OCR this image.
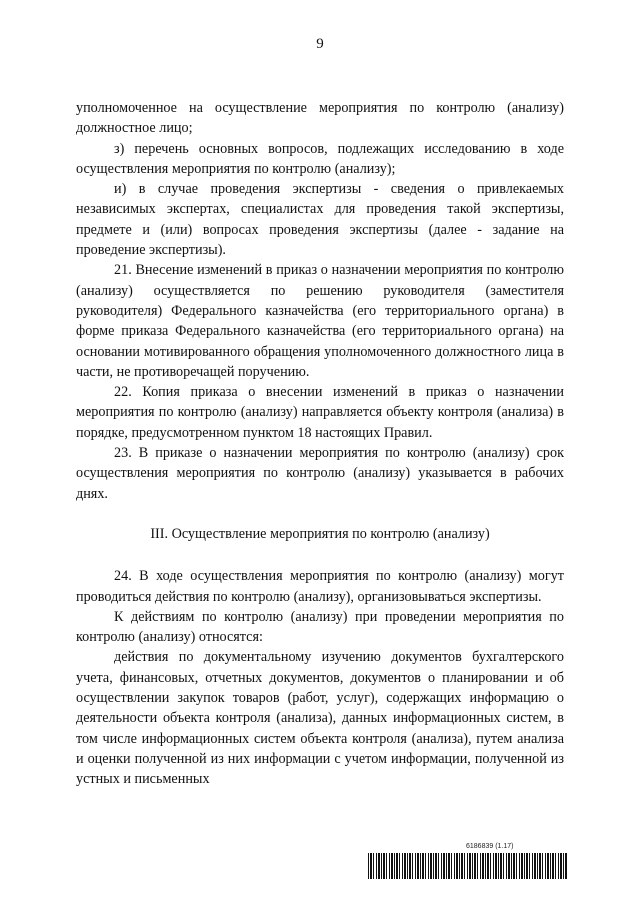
9

уполномоченное на осуществление мероприятия по контролю (анализу) должностное лицо;

з) перечень основных вопросов, подлежащих исследованию в ходе осуществления мероприятия по контролю (анализу);

и) в случае проведения экспертизы - сведения о привлекаемых независимых экспертах, специалистах для проведения такой экспертизы, предмете и (или) вопросах проведения экспертизы (далее - задание на проведение экспертизы).

21. Внесение изменений в приказ о назначении мероприятия по контролю (анализу) осуществляется по решению руководителя (заместителя руководителя) Федерального казначейства (его территориального органа) в форме приказа Федерального казначейства (его территориального органа) на основании мотивированного обращения уполномоченного должностного лица в части, не противоречащей поручению.

22. Копия приказа о внесении изменений в приказ о назначении мероприятия по контролю (анализу) направляется объекту контроля (анализа) в порядке, предусмотренном пунктом 18 настоящих Правил.

23. В приказе о назначении мероприятия по контролю (анализу) срок осуществления мероприятия по контролю (анализу) указывается в рабочих днях.

III. Осуществление мероприятия по контролю (анализу)

24. В ходе осуществления мероприятия по контролю (анализу) могут проводиться действия по контролю (анализу), организовываться экспертизы.

К действиям по контролю (анализу) при проведении мероприятия по контролю (анализу) относятся:

действия по документальному изучению документов бухгалтерского учета, финансовых, отчетных документов, документов о планировании и об осуществлении закупок товаров (работ, услуг), содержащих информацию о деятельности объекта контроля (анализа), данных информационных систем, в том числе информационных систем объекта контроля (анализа), путем анализа и оценки полученной из них информации с учетом информации, полученной из устных и письменных

6186839 (1.17)
